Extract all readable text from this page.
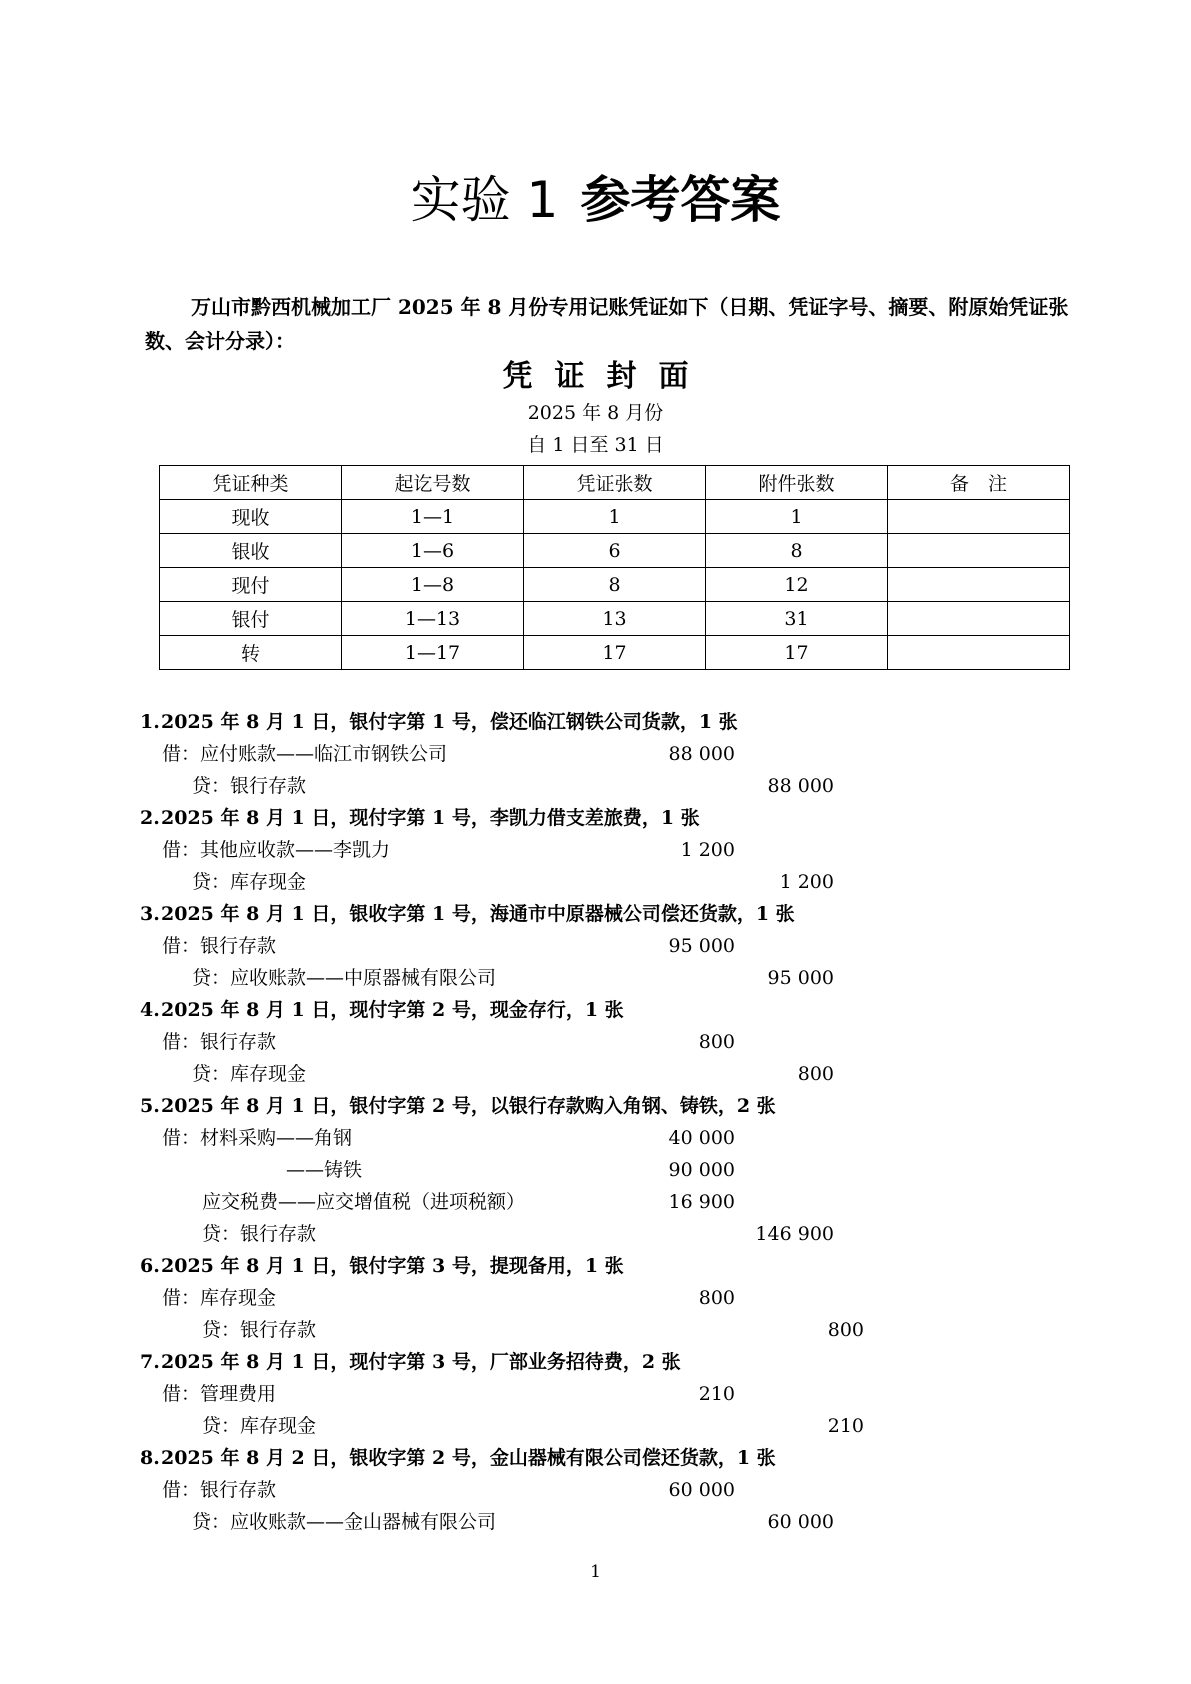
实验 1 参考答案
万山市黔西机械加工厂 2025 年 8 月份专用记账凭证如下（日期、凭证字号、摘要、附原始凭证张数、会计分录）：
凭证封面
2025 年 8 月份
自 1 日至 31 日
凭证种类	起讫号数	凭证张数	附件张数	备　注
现收	1—1	1	1	
银收	1—6	6	8	
现付	1—8	8	12	
银付	1—13	13	31	
转	1—17	17	17	
1. 2025 年 8 月 1 日，银付字第 1 号，偿还临江钢铁公司货款，1 张
借：应付账款——临江市钢铁公司	88 000
贷：银行存款	88 000
2. 2025 年 8 月 1 日，现付字第 1 号，李凯力借支差旅费，1 张
借：其他应收款——李凯力	1 200
贷：库存现金	1 200
3. 2025 年 8 月 1 日，银收字第 1 号，海通市中原器械公司偿还货款，1 张
借：银行存款	95 000
贷：应收账款——中原器械有限公司	95 000
4. 2025 年 8 月 1 日，现付字第 2 号，现金存行，1 张
借：银行存款	800
贷：库存现金	800
5. 2025 年 8 月 1 日，银付字第 2 号，以银行存款购入角钢、铸铁，2 张
借：材料采购——角钢	40 000
——铸铁	90 000
应交税费——应交增值税（进项税额）	16 900
贷：银行存款	146 900
6. 2025 年 8 月 1 日，银付字第 3 号，提现备用，1 张
借：库存现金	800
贷：银行存款	800
7. 2025 年 8 月 1 日，现付字第 3 号，厂部业务招待费，2 张
借：管理费用	210
贷：库存现金	210
8. 2025 年 8 月 2 日，银收字第 2 号，金山器械有限公司偿还货款，1 张
借：银行存款	60 000
贷：应收账款——金山器械有限公司	60 000
1
